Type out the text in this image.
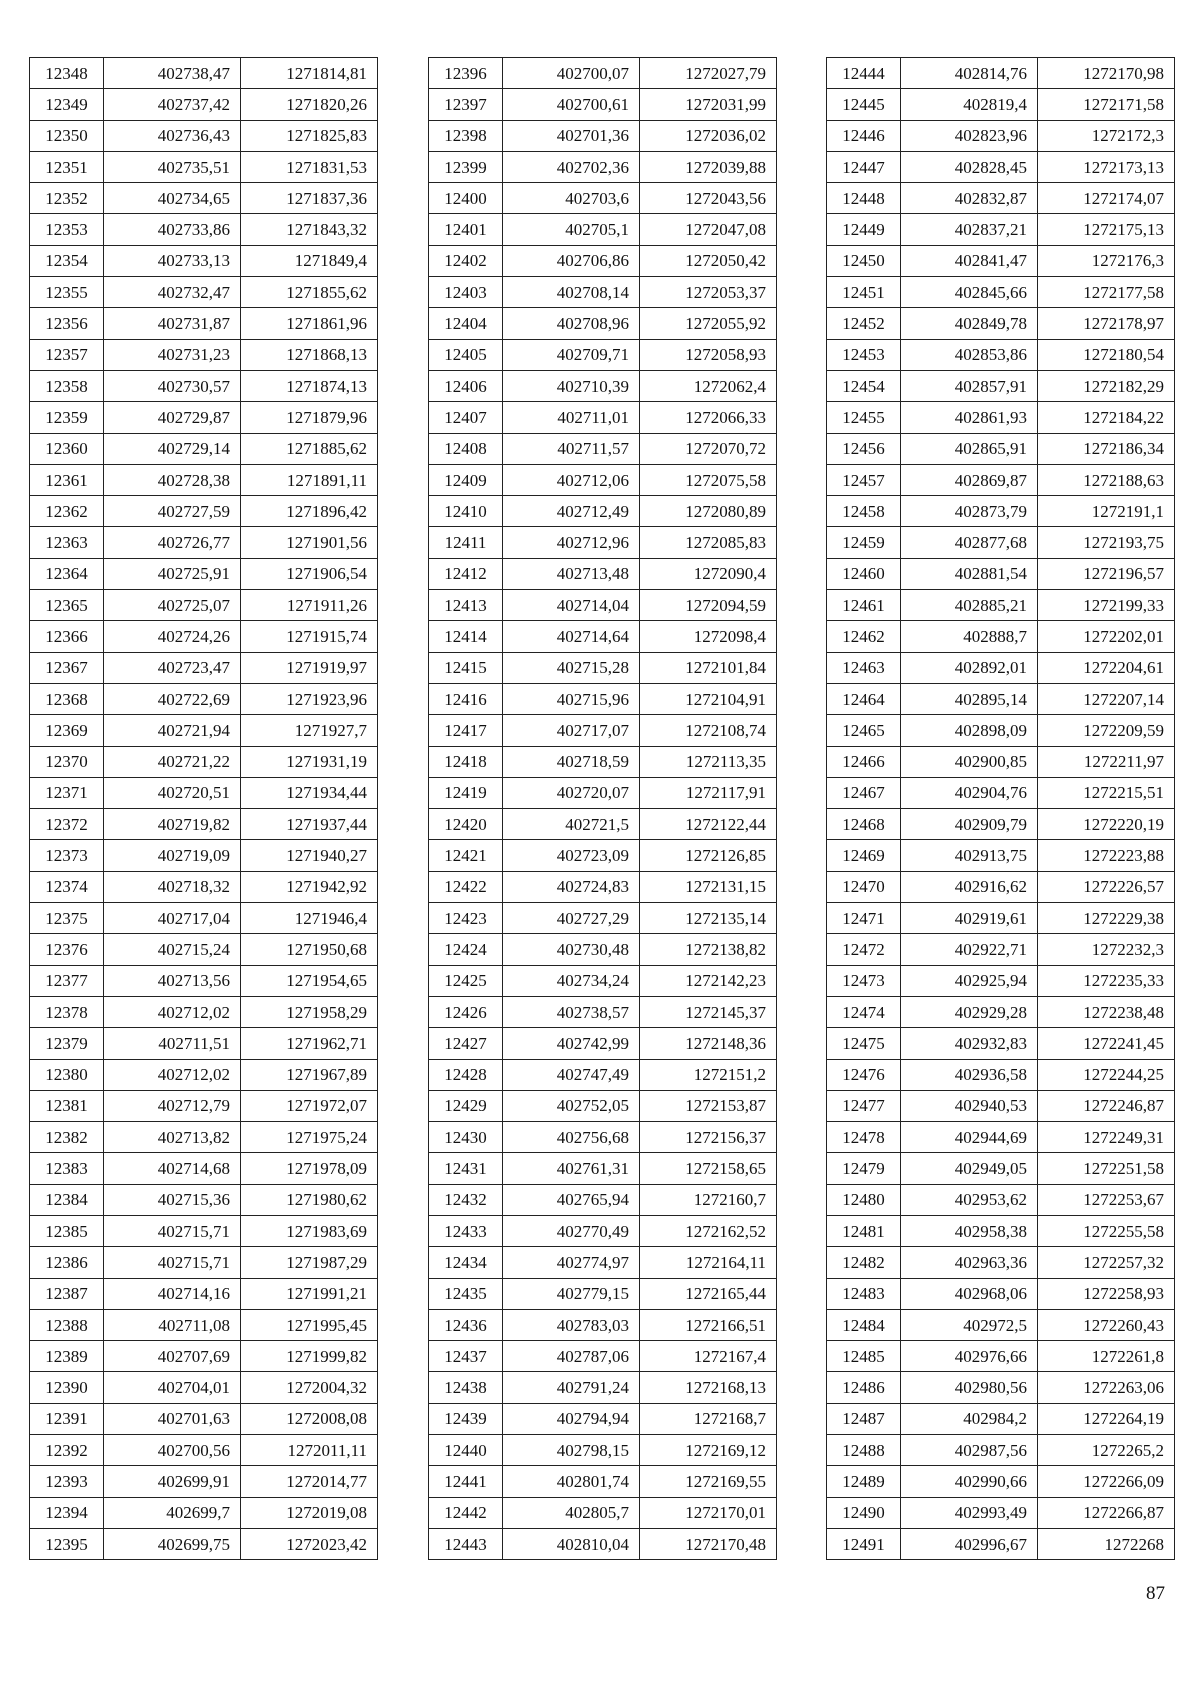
12348	402738,47	1271814,81
12349	402737,42	1271820,26
12350	402736,43	1271825,83
12351	402735,51	1271831,53
12352	402734,65	1271837,36
12353	402733,86	1271843,32
12354	402733,13	1271849,4
12355	402732,47	1271855,62
12356	402731,87	1271861,96
12357	402731,23	1271868,13
12358	402730,57	1271874,13
12359	402729,87	1271879,96
12360	402729,14	1271885,62
12361	402728,38	1271891,11
12362	402727,59	1271896,42
12363	402726,77	1271901,56
12364	402725,91	1271906,54
12365	402725,07	1271911,26
12366	402724,26	1271915,74
12367	402723,47	1271919,97
12368	402722,69	1271923,96
12369	402721,94	1271927,7
12370	402721,22	1271931,19
12371	402720,51	1271934,44
12372	402719,82	1271937,44
12373	402719,09	1271940,27
12374	402718,32	1271942,92
12375	402717,04	1271946,4
12376	402715,24	1271950,68
12377	402713,56	1271954,65
12378	402712,02	1271958,29
12379	402711,51	1271962,71
12380	402712,02	1271967,89
12381	402712,79	1271972,07
12382	402713,82	1271975,24
12383	402714,68	1271978,09
12384	402715,36	1271980,62
12385	402715,71	1271983,69
12386	402715,71	1271987,29
12387	402714,16	1271991,21
12388	402711,08	1271995,45
12389	402707,69	1271999,82
12390	402704,01	1272004,32
12391	402701,63	1272008,08
12392	402700,56	1272011,11
12393	402699,91	1272014,77
12394	402699,7	1272019,08
12395	402699,75	1272023,42
12396	402700,07	1272027,79
12397	402700,61	1272031,99
12398	402701,36	1272036,02
12399	402702,36	1272039,88
12400	402703,6	1272043,56
12401	402705,1	1272047,08
12402	402706,86	1272050,42
12403	402708,14	1272053,37
12404	402708,96	1272055,92
12405	402709,71	1272058,93
12406	402710,39	1272062,4
12407	402711,01	1272066,33
12408	402711,57	1272070,72
12409	402712,06	1272075,58
12410	402712,49	1272080,89
12411	402712,96	1272085,83
12412	402713,48	1272090,4
12413	402714,04	1272094,59
12414	402714,64	1272098,4
12415	402715,28	1272101,84
12416	402715,96	1272104,91
12417	402717,07	1272108,74
12418	402718,59	1272113,35
12419	402720,07	1272117,91
12420	402721,5	1272122,44
12421	402723,09	1272126,85
12422	402724,83	1272131,15
12423	402727,29	1272135,14
12424	402730,48	1272138,82
12425	402734,24	1272142,23
12426	402738,57	1272145,37
12427	402742,99	1272148,36
12428	402747,49	1272151,2
12429	402752,05	1272153,87
12430	402756,68	1272156,37
12431	402761,31	1272158,65
12432	402765,94	1272160,7
12433	402770,49	1272162,52
12434	402774,97	1272164,11
12435	402779,15	1272165,44
12436	402783,03	1272166,51
12437	402787,06	1272167,4
12438	402791,24	1272168,13
12439	402794,94	1272168,7
12440	402798,15	1272169,12
12441	402801,74	1272169,55
12442	402805,7	1272170,01
12443	402810,04	1272170,48
12444	402814,76	1272170,98
12445	402819,4	1272171,58
12446	402823,96	1272172,3
12447	402828,45	1272173,13
12448	402832,87	1272174,07
12449	402837,21	1272175,13
12450	402841,47	1272176,3
12451	402845,66	1272177,58
12452	402849,78	1272178,97
12453	402853,86	1272180,54
12454	402857,91	1272182,29
12455	402861,93	1272184,22
12456	402865,91	1272186,34
12457	402869,87	1272188,63
12458	402873,79	1272191,1
12459	402877,68	1272193,75
12460	402881,54	1272196,57
12461	402885,21	1272199,33
12462	402888,7	1272202,01
12463	402892,01	1272204,61
12464	402895,14	1272207,14
12465	402898,09	1272209,59
12466	402900,85	1272211,97
12467	402904,76	1272215,51
12468	402909,79	1272220,19
12469	402913,75	1272223,88
12470	402916,62	1272226,57
12471	402919,61	1272229,38
12472	402922,71	1272232,3
12473	402925,94	1272235,33
12474	402929,28	1272238,48
12475	402932,83	1272241,45
12476	402936,58	1272244,25
12477	402940,53	1272246,87
12478	402944,69	1272249,31
12479	402949,05	1272251,58
12480	402953,62	1272253,67
12481	402958,38	1272255,58
12482	402963,36	1272257,32
12483	402968,06	1272258,93
12484	402972,5	1272260,43
12485	402976,66	1272261,8
12486	402980,56	1272263,06
12487	402984,2	1272264,19
12488	402987,56	1272265,2
12489	402990,66	1272266,09
12490	402993,49	1272266,87
12491	402996,67	1272268
87
